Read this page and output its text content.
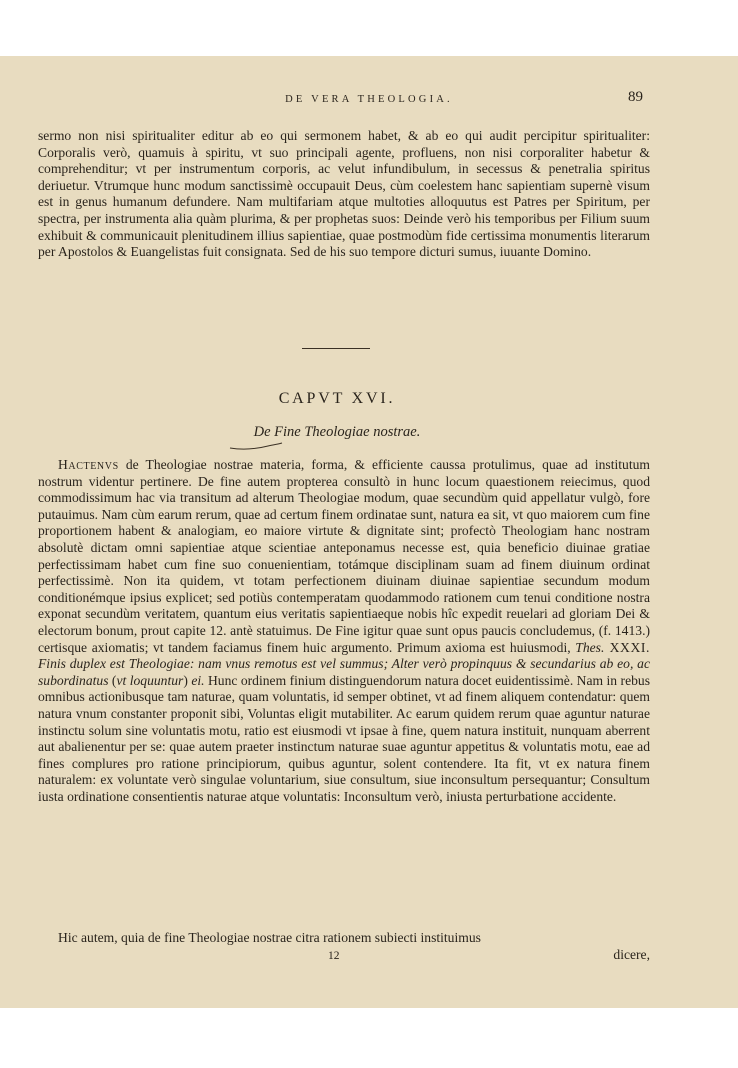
DE VERA THEOLOGIA.	89

sermo non nisi spiritualiter editur ab eo qui sermonem habet, & ab eo qui audit percipitur spiritualiter: Corporalis verò, quamuis à spiritu, vt suo principali agente, profluens, non nisi corporaliter habetur & comprehenditur; vt per instrumentum corporis, ac velut infundibulum, in secessus & penetralia spiritus deriuetur. Vtrumque hunc modum sanctissimè occupauit Deus, cùm coelestem hanc sapientiam supernè visum est in genus humanum defundere. Nam multifariam atque multoties alloquutus est Patres per Spiritum, per spectra, per instrumenta alia quàm plurima, & per prophetas suos: Deinde verò his temporibus per Filium suum exhibuit & communicauit plenitudinem illius sapientiae, quae postmodùm fide certissima monumentis literarum per Apostolos & Euangelistas fuit consignata. Sed de his suo tempore dicturi sumus, iuuante Domino.

CAPVT XVI.
De Fine Theologiae nostrae.

Hactenvs de Theologiae nostrae materia, forma, & efficiente caussa protulimus, quae ad institutum nostrum videntur pertinere. De fine autem propterea consultò in hunc locum quaestionem reiecimus, quod commodissimum hac via transitum ad alterum Theologiae modum, quae secundùm quid appellatur vulgò, fore putauimus. Nam cùm earum rerum, quae ad certum finem ordinatae sunt, natura ea sit, vt quo maiorem cum fine proportionem habent & analogiam, eo maiore virtute & dignitate sint; profectò Theologiam hanc nostram absolutè dictam omni sapientiae atque scientiae anteponamus necesse est, quia beneficio diuinae gratiae perfectissimam habet cum fine suo conuenientiam, totámque disciplinam suam ad finem diuinum ordinat perfectissimè. Non ita quidem, vt totam perfectionem diuinam diuinae sapientiae secundum modum conditionémque ipsius explicet; sed potiùs contemperatam quodammodo rationem cum tenui conditione nostra exponat secundùm veritatem, quantum eius veritatis sapientiaeque nobis hîc expedit reuelari ad gloriam Dei & electorum bonum, prout capite 12. antè statuimus. De Fine igitur quae sunt opus paucis concludemus, (f. 1413.) certisque axiomatis; vt tandem faciamus finem huic argumento. Primum axioma est huiusmodi, Thes. XXXI. Finis duplex est Theologiae: nam vnus remotus est vel summus; Alter verò propinquus & secundarius ab eo, ac subordinatus (vt loquuntur) ei. Hunc ordinem finium distinguendorum natura docet euidentissimè. Nam in rebus omnibus actionibusque tam naturae, quam voluntatis, id semper obtinet, vt ad finem aliquem contendatur: quem natura vnum constanter proponit sibi, Voluntas eligit mutabiliter. Ac earum quidem rerum quae aguntur naturae instinctu solum sine voluntatis motu, ratio est eiusmodi vt ipsae à fine, quem natura instituit, nunquam aberrent aut abalienentur per se: quae autem praeter instinctum naturae suae aguntur appetitus & voluntatis motu, eae ad fines complures pro ratione principiorum, quibus aguntur, solent contendere. Ita fit, vt ex natura finem naturalem: ex voluntate verò singulae voluntarium, siue consultum, siue inconsultum persequantur; Consultum iusta ordinatione consentientis naturae atque voluntatis: Inconsultum verò, iniusta perturbatione accidente.

Hic autem, quia de fine Theologiae nostrae citra rationem subiecti instituimus

12	dicere,
